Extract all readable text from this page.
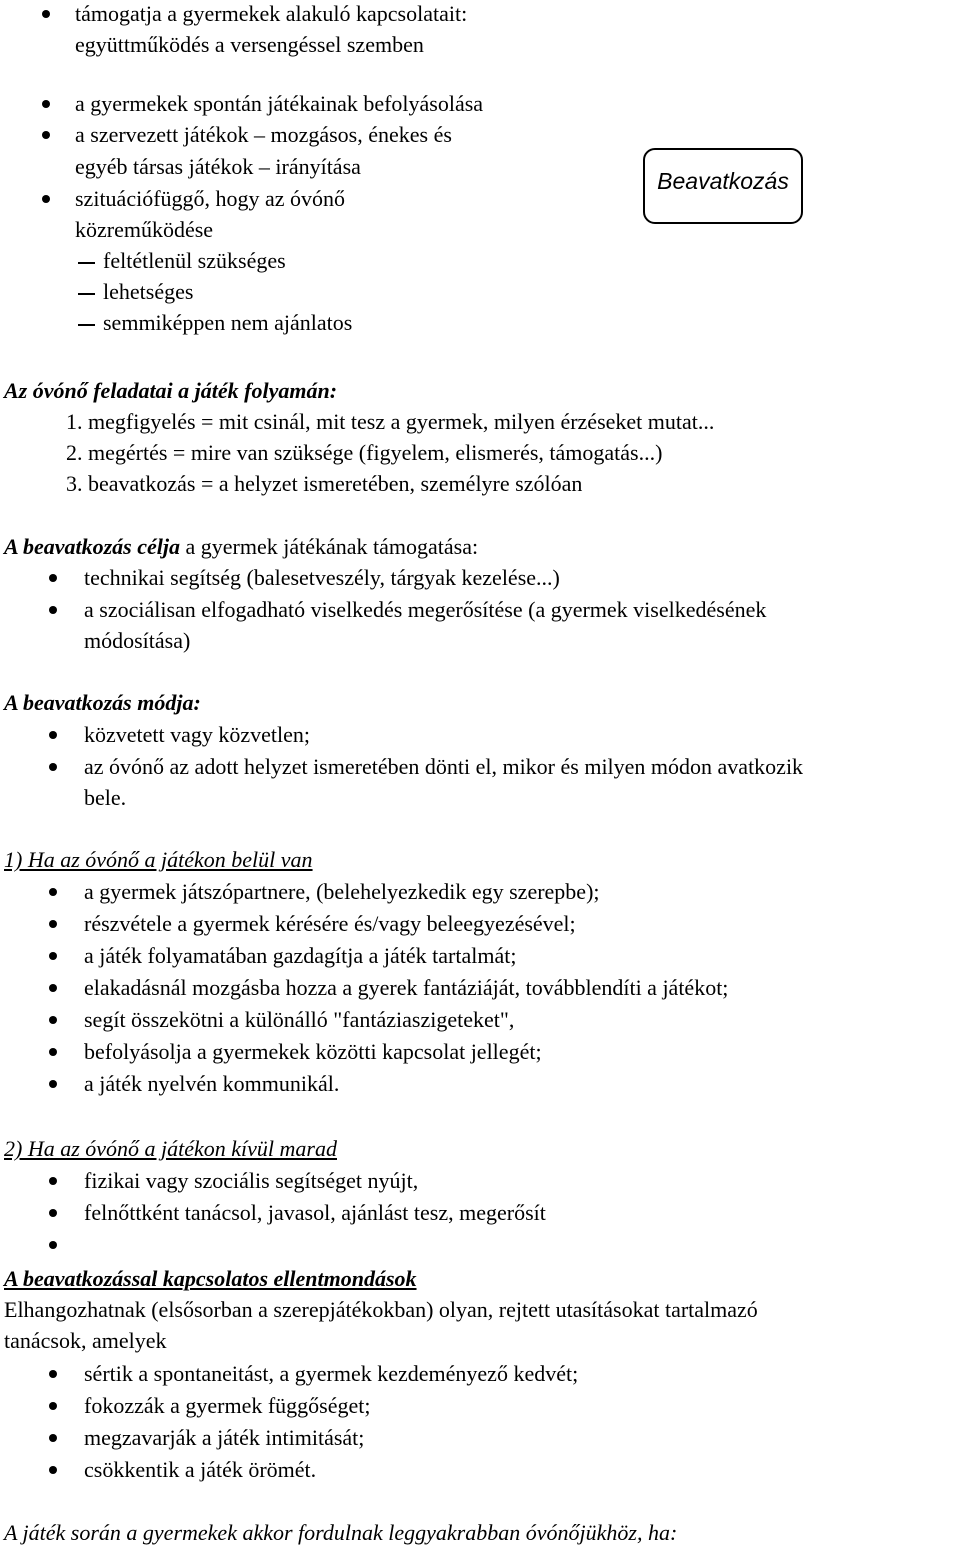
támogatja a gyermekek alakuló kapcsolatait:
együttműködés a versengéssel szemben
a gyermekek spontán játékainak befolyásolása
a szervezett játékok – mozgásos, énekes és
egyéb társas játékok – irányítása
szituációfüggő, hogy az óvónő
közreműködése
feltétlenül szükséges
lehetséges
semmiképpen nem ajánlatos
Beavatkozás
Az óvónő feladatai a játék folyamán:
1. megfigyelés = mit csinál, mit tesz a gyermek, milyen érzéseket mutat...
2. megértés = mire van szüksége (figyelem, elismerés, támogatás...)
3. beavatkozás = a helyzet ismeretében, személyre szólóan
A beavatkozás célja a gyermek játékának támogatása:
technikai segítség (balesetveszély, tárgyak kezelése...)
a szociálisan elfogadható viselkedés megerősítése (a gyermek viselkedésének
módosítása)
A beavatkozás módja:
közvetett vagy közvetlen;
az óvónő az adott helyzet ismeretében dönti el, mikor és milyen módon avatkozik
bele.
1) Ha az óvónő a játékon belül van
a gyermek játszópartnere, (belehelyezkedik egy szerepbe);
részvétele a gyermek kérésére és/vagy beleegyezésével;
a játék folyamatában gazdagítja a játék tartalmát;
elakadásnál mozgásba hozza a gyerek fantáziáját, továbblendíti a játékot;
segít összekötni a különálló "fantáziaszigeteket",
befolyásolja a gyermekek közötti kapcsolat jellegét;
a játék nyelvén kommunikál.
2) Ha az óvónő a játékon kívül marad
fizikai vagy szociális segítséget nyújt,
felnőttként tanácsol, javasol, ajánlást tesz, megerősít
A beavatkozással kapcsolatos ellentmondások
Elhangozhatnak (elsősorban a szerepjátékokban) olyan, rejtett utasításokat tartalmazó
tanácsok, amelyek
sértik a spontaneitást, a gyermek kezdeményező kedvét;
fokozzák a gyermek függőséget;
megzavarják a játék intimitását;
csökkentik a játék örömét.
A játék során a gyermekek akkor fordulnak leggyakrabban óvónőjükhöz, ha:
